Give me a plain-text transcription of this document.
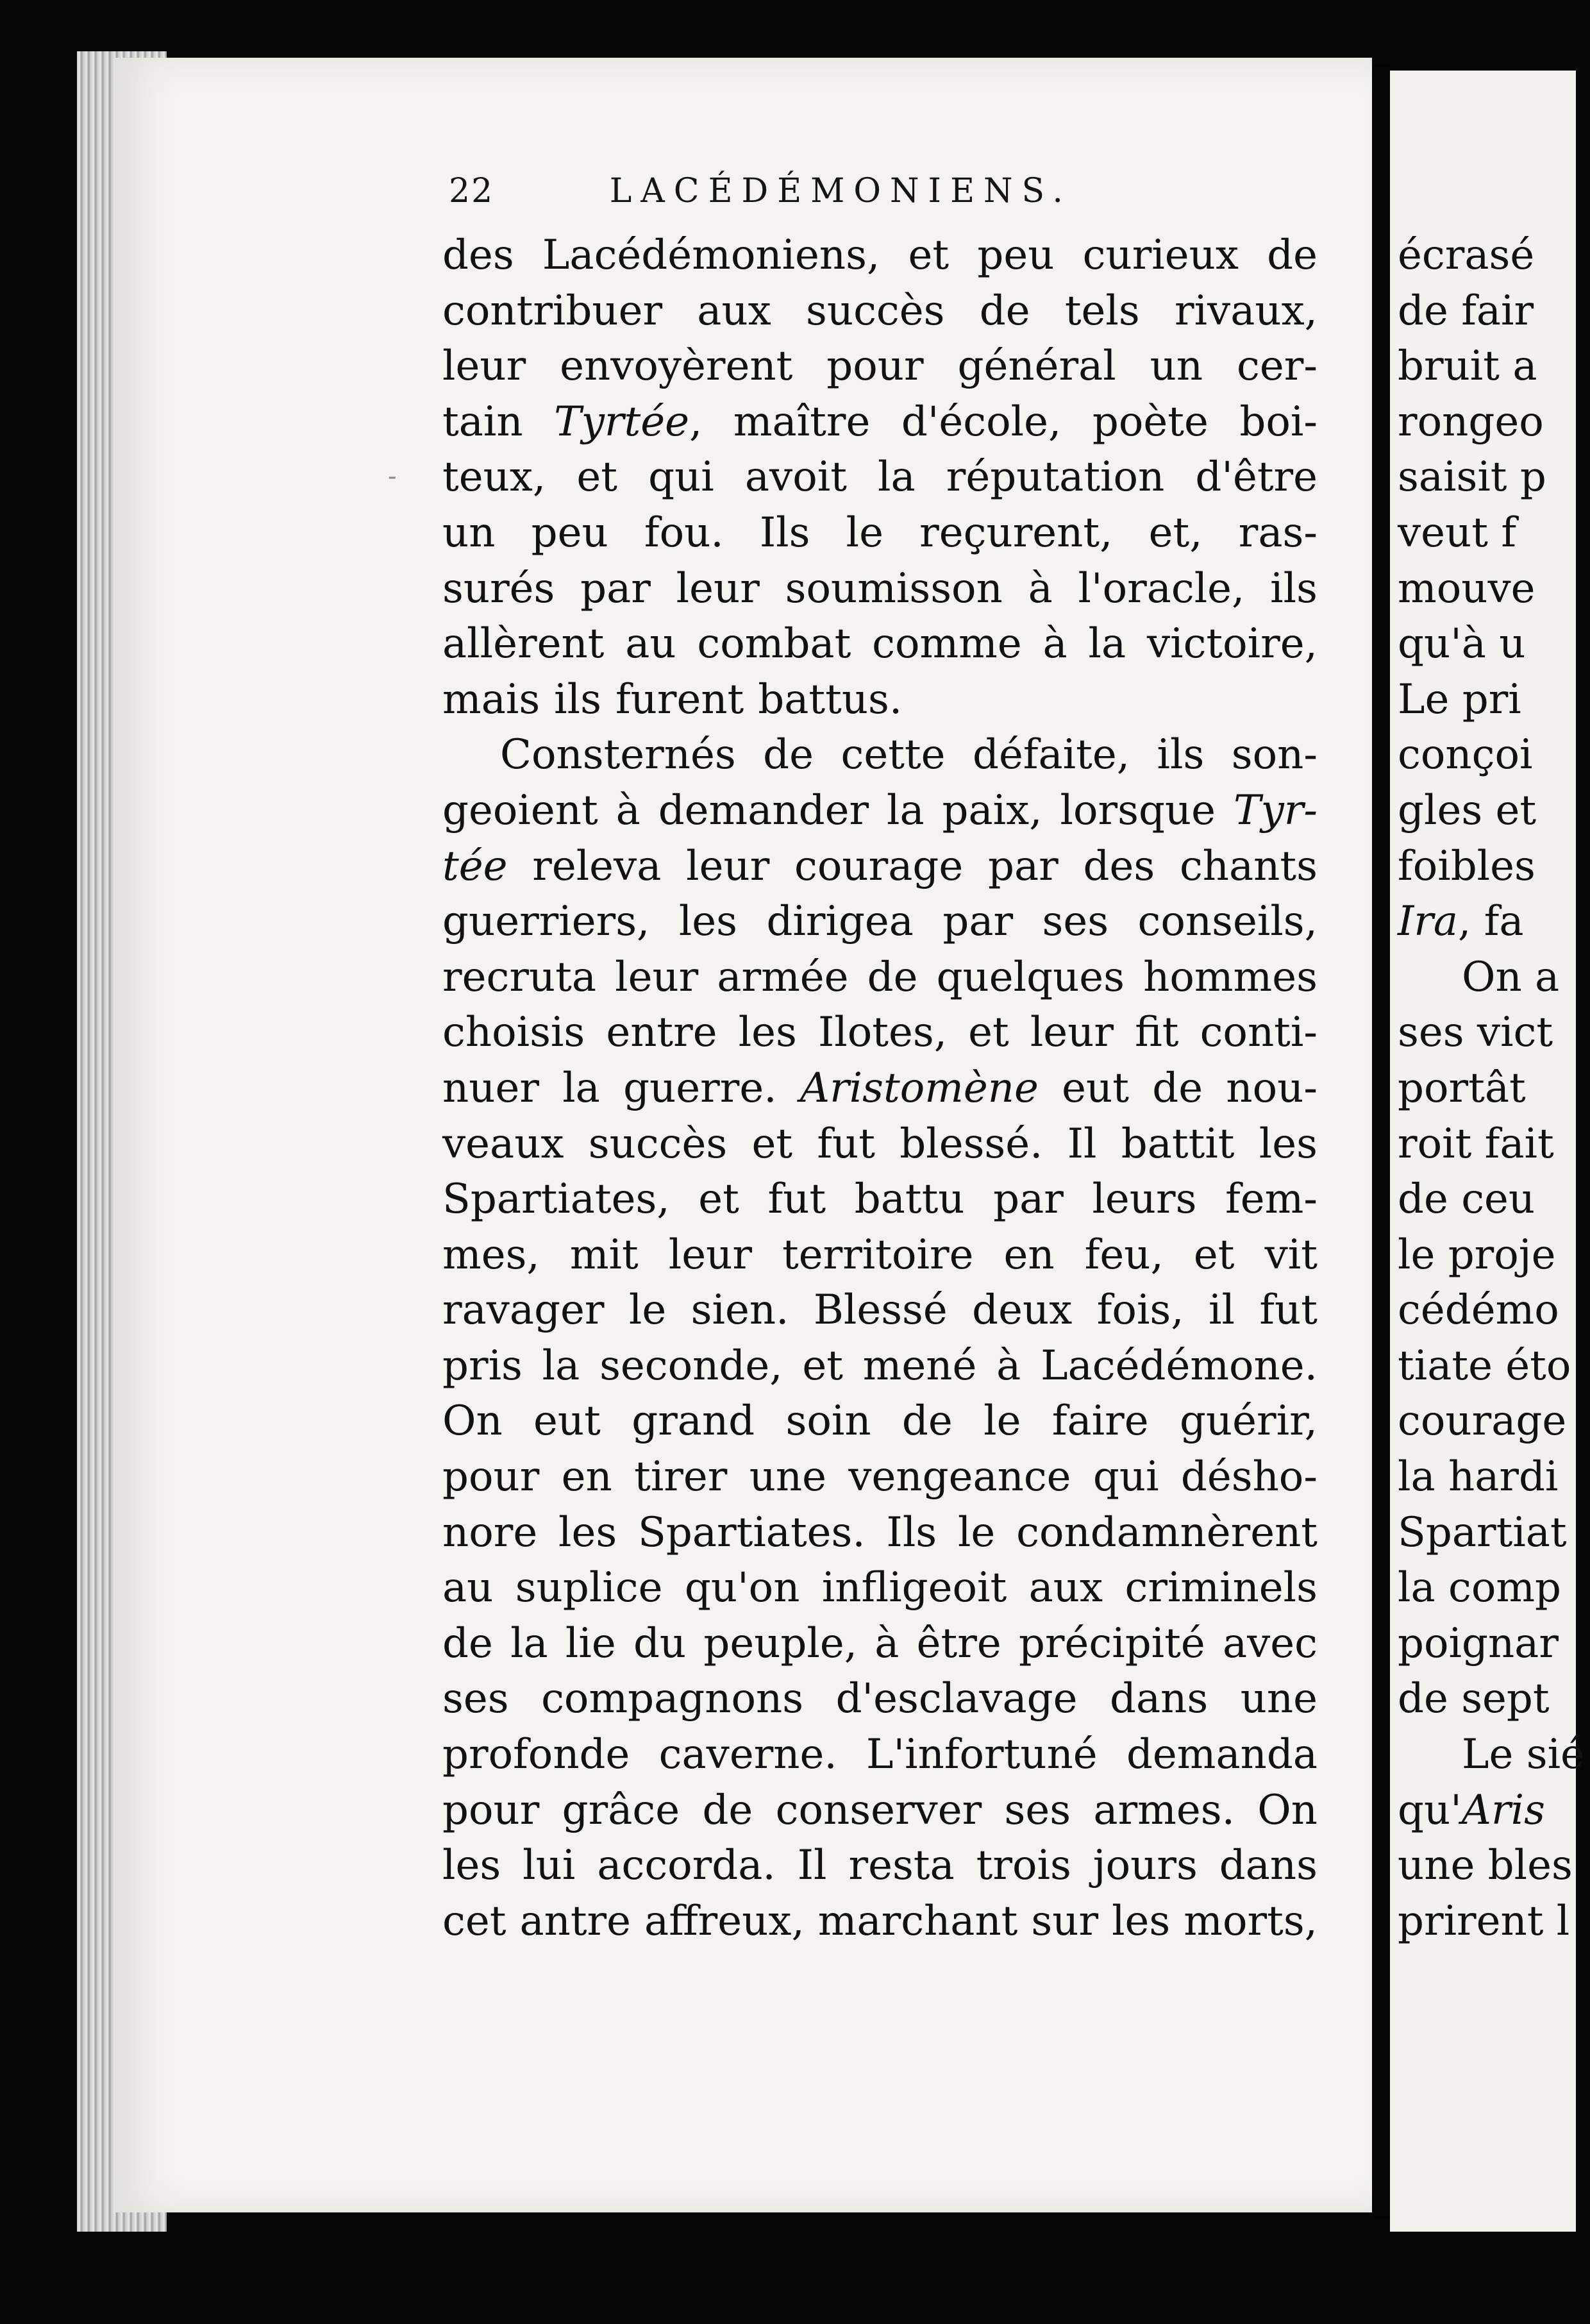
-
22	LACÉDÉMONIENS.
des Lacédémoniens, et peu curieux de
contribuer aux succès de tels rivaux,
leur envoyèrent pour général un cer-
tain Tyrtée, maître d'école, poète boi-
teux, et qui avoit la réputation d'être
un peu fou. Ils le reçurent, et, ras-
surés par leur soumisson à l'oracle, ils
allèrent au combat comme à la victoire,
mais ils furent battus.
Consternés de cette défaite, ils son-
geoient à demander la paix, lorsque Tyr-
tée releva leur courage par des chants
guerriers, les dirigea par ses conseils,
recruta leur armée de quelques hommes
choisis entre les Ilotes, et leur fit conti-
nuer la guerre. Aristomène eut de nou-
veaux succès et fut blessé. Il battit les
Spartiates, et fut battu par leurs fem-
mes, mit leur territoire en feu, et vit
ravager le sien. Blessé deux fois, il fut
pris la seconde, et mené à Lacédémone.
On eut grand soin de le faire guérir,
pour en tirer une vengeance qui désho-
nore les Spartiates. Ils le condamnèrent
au suplice qu'on infligeoit aux criminels
de la lie du peuple, à être précipité avec
ses compagnons d'esclavage dans une
profonde caverne. L'infortuné demanda
pour grâce de conserver ses armes. On
les lui accorda. Il resta trois jours dans
cet antre affreux, marchant sur les morts,
écrasé
de fair
bruit a
rongeo
saisit p
veut f
mouve
qu'à u
Le pri
conçoi
gles et
foibles
Ira , fa
On a
ses vict
portât
roit fait
de ceu
le proje
cédémo
tiate éto
courage
la hardi
Spartiat
la comp
poignar
de sept
Le sié
qu' Aris
une bles
prirent l
